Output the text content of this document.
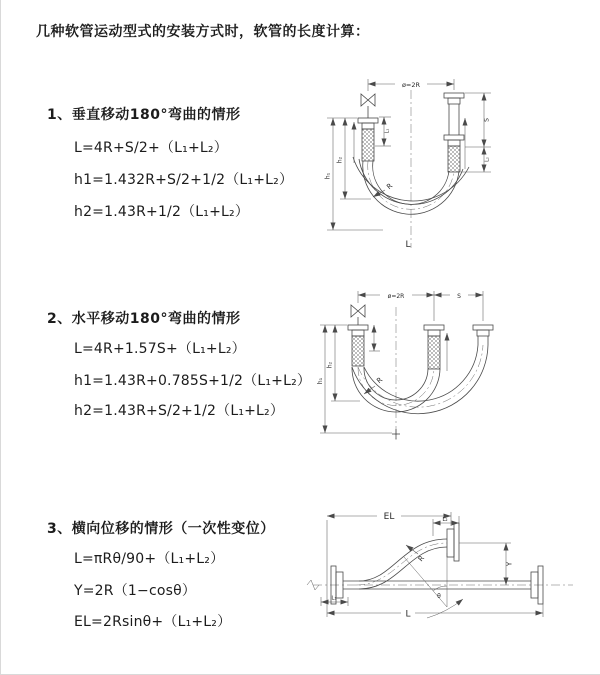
几种软管运动型式的安装方式时，软管的长度计算：
1、垂直移动180°弯曲的情形
L=4R+S/2+（L₁+L₂）
h1=1.432R+S/2+1/2（L₁+L₂）
h2=1.43R+1/2（L₁+L₂）
2、水平移动180°弯曲的情形
L=4R+1.57S+（L₁+L₂）
h1=1.43R+0.785S+1/2（L₁+L₂）
h2=1.43R+S/2+1/2（L₁+L₂）
3、横向位移的情形（一次性变位）
L=πRθ/90+（L₁+L₂）
Y=2R（1−cosθ）
EL=2Rsinθ+（L₁+L₂）
ø=2R
h₁
h₂
L₁
S
L₂
R
L
ø=2R	S
h₁
h₂
R
EL	L₂
Y
L
L₁
R
θ
